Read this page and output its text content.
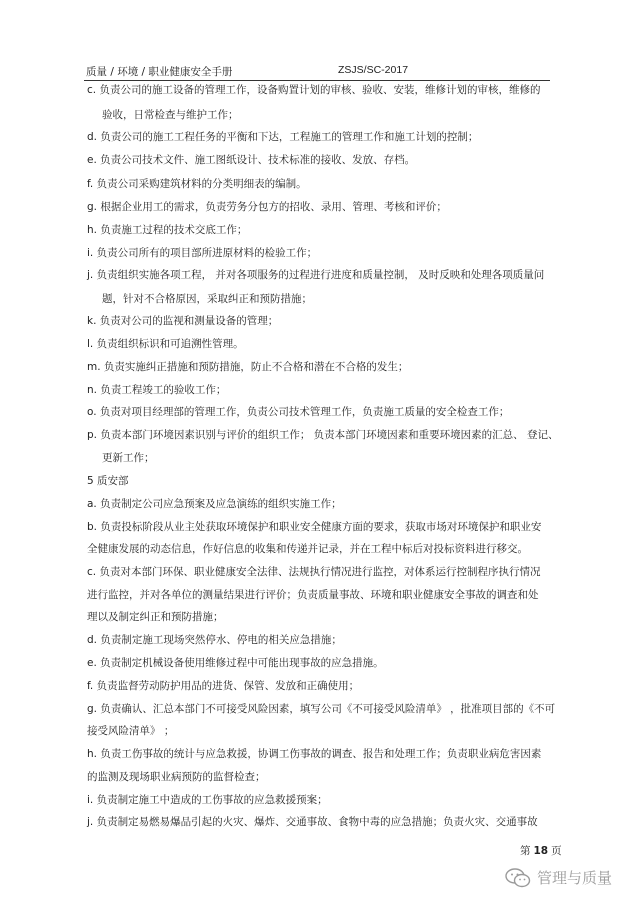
质量 / 环境 / 职业健康安全手册	ZSJS/SC-2017
c. 负责公司的施工设备的管理工作，设备购置计划的审核、验收、安装，维修计划的审核，维修的
验收，日常检查与维护工作；
d. 负责公司的施工工程任务的平衡和下达，工程施工的管理工作和施工计划的控制；
e. 负责公司技术文件、施工图纸设计、技术标准的接收、发放、存档。
f. 负责公司采购建筑材料的分类明细表的编制。
g. 根据企业用工的需求，负责劳务分包方的招收、录用、管理、考核和评价；
h. 负责施工过程的技术交底工作；
i. 负责公司所有的项目部所进原材料的检验工作；
j. 负责组织实施各项工程， 并对各项服务的过程进行进度和质量控制， 及时反映和处理各项质量问
题，针对不合格原因，采取纠正和预防措施；
k. 负责对公司的监视和测量设备的管理；
l. 负责组织标识和可追溯性管理。
m. 负责实施纠正措施和预防措施，防止不合格和潜在不合格的发生；
n. 负责工程竣工的验收工作；
o. 负责对项目经理部的管理工作，负责公司技术管理工作，负责施工质量的安全检查工作；
p. 负责本部门环境因素识别与评价的组织工作； 负责本部门环境因素和重要环境因素的汇总、 登记、
更新工作；
5 质安部
a. 负责制定公司应急预案及应急演练的组织实施工作；
b. 负责投标阶段从业主处获取环境保护和职业安全健康方面的要求，获取市场对环境保护和职业安
全健康发展的动态信息，作好信息的收集和传递并记录，并在工程中标后对投标资料进行移交。
c. 负责对本部门环保、职业健康安全法律、法规执行情况进行监控，对体系运行控制程序执行情况
进行监控，并对各单位的测量结果进行评价；负责质量事故、环境和职业健康安全事故的调查和处
理以及制定纠正和预防措施；
d. 负责制定施工现场突然停水、停电的相关应急措施；
e. 负责制定机械设备使用维修过程中可能出现事故的应急措施。
f. 负责监督劳动防护用品的进货、保管、发放和正确使用；
g. 负责确认、汇总本部门不可接受风险因素，填写公司《不可接受风险清单》 ，批准项目部的《不可
接受风险清单》 ；
h. 负责工伤事故的统计与应急救援，协调工伤事故的调查、报告和处理工作；负责职业病危害因素
的监测及现场职业病预防的监督检查；
i. 负责制定施工中造成的工伤事故的应急救援预案；
j. 负责制定易燃易爆品引起的火灾、爆炸、交通事故、食物中毒的应急措施；负责火灾、交通事故
第 18 页
管理与质量
